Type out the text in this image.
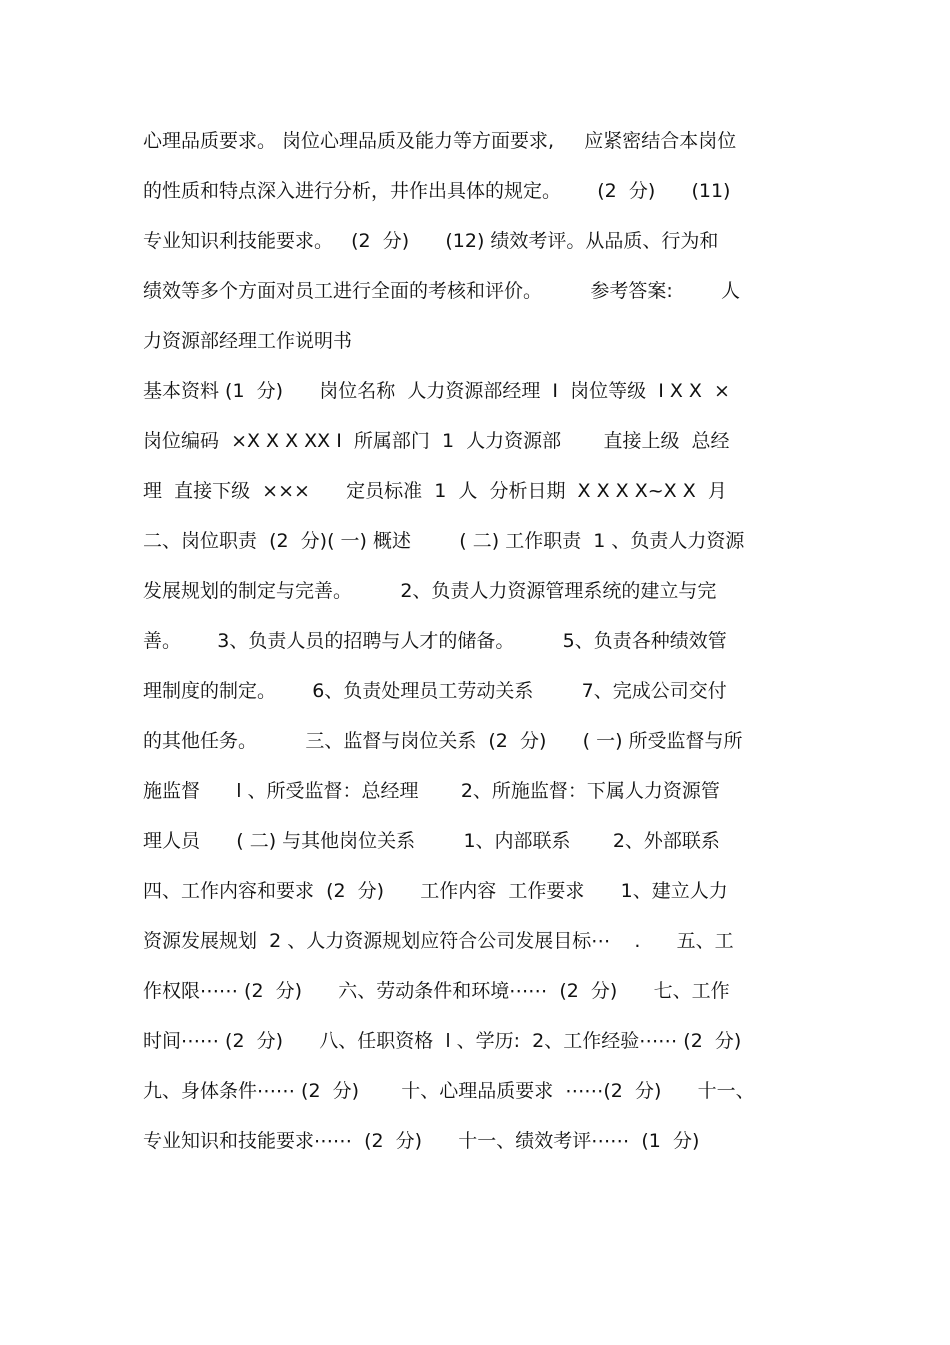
心理品质要求。 岗位心理品质及能力等方面要求,     应紧密结合本岗位
的性质和特点深入进行分析，井作出具体的规定。      (2  分)      (11)
专业知识利技能要求。   (2  分)      (12) 绩效考评。从品质、行为和
绩效等多个方面对员工进行全面的考核和评价。        参考答案:        人
力资源部经理工作说明书
基本资料 (1  分)      岗位名称  人力资源部经理  I  岗位等级  I X X  ×
岗位编码  ×X X X XX I  所属部门  1  人力资源部       直接上级  总经
理  直接下级  ×××      定员标准  1  人  分析日期  X X X X~X X  月
二、岗位职责  (2  分)( 一) 概述        ( 二) 工作职责  1 、负责人力资源
发展规划的制定与完善。        2、负责人力资源管理系统的建立与完
善。      3、负责人员的招聘与人才的储备。        5、负责各种绩效管
理制度的制定。      6、负责处理员工劳动关系        7、完成公司交付
的其他任务。        三、监督与岗位关系  (2  分)      ( 一) 所受监督与所
施监督      l 、所受监督：总经理       2、所施监督：下属人力资源管
理人员      ( 二) 与其他岗位关系        1、内部联系       2、外部联系
四、工作内容和要求  (2  分)      工作内容  工作要求      1、建立人力
资源发展规划  2 、人力资源规划应符合公司发展目标⋯    .      五、工
作权限⋯⋯ (2  分)      六、劳动条件和环境⋯⋯  (2  分)      七、工作
时间⋯⋯ (2  分)      八、任职资格  l 、学历:  2、工作经验⋯⋯ (2  分)
九、身体条件⋯⋯ (2  分)       十、心理品质要求  ⋯⋯(2  分)      十一、
专业知识和技能要求⋯⋯  (2  分)      十一、绩效考评⋯⋯  (1  分)
